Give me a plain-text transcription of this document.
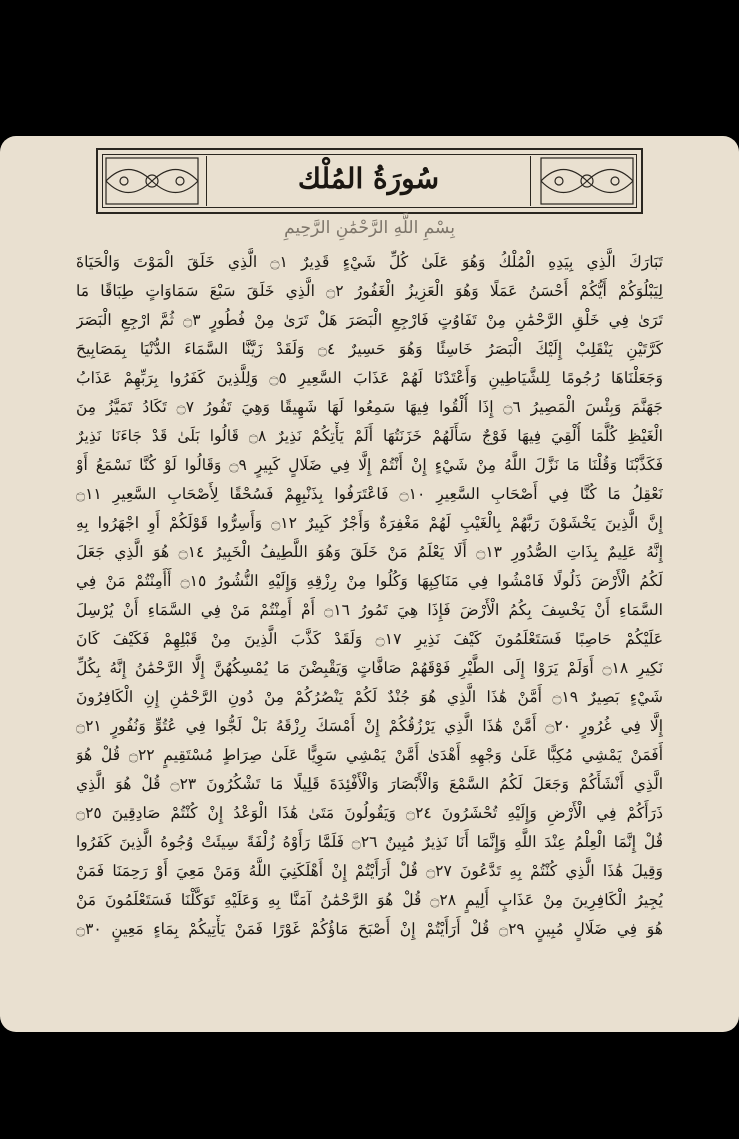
سُورَةُ المُلْك
بِسْمِ اللَّهِ الرَّحْمَٰنِ الرَّحِيمِ
تَبَارَكَ الَّذِي بِيَدِهِ الْمُلْكُ وَهُوَ عَلَىٰ كُلِّ شَيْءٍ قَدِيرٌ ۝١ الَّذِي خَلَقَ الْمَوْتَ وَالْحَيَاةَ
لِيَبْلُوَكُمْ أَيُّكُمْ أَحْسَنُ عَمَلًا وَهُوَ الْعَزِيزُ الْغَفُورُ ۝٢ الَّذِي خَلَقَ سَبْعَ سَمَاوَاتٍ طِبَاقًا مَا
تَرَىٰ فِي خَلْقِ الرَّحْمَٰنِ مِنْ تَفَاوُتٍ فَارْجِعِ الْبَصَرَ هَلْ تَرَىٰ مِنْ فُطُورٍ ۝٣ ثُمَّ ارْجِعِ الْبَصَرَ
كَرَّتَيْنِ يَنْقَلِبْ إِلَيْكَ الْبَصَرُ خَاسِئًا وَهُوَ حَسِيرٌ ۝٤ وَلَقَدْ زَيَّنَّا السَّمَاءَ الدُّنْيَا بِمَصَابِيحَ
وَجَعَلْنَاهَا رُجُومًا لِلشَّيَاطِينِ وَأَعْتَدْنَا لَهُمْ عَذَابَ السَّعِيرِ ۝٥ وَلِلَّذِينَ كَفَرُوا بِرَبِّهِمْ عَذَابُ
جَهَنَّمَ وَبِئْسَ الْمَصِيرُ ۝٦ إِذَا أُلْقُوا فِيهَا سَمِعُوا لَهَا شَهِيقًا وَهِيَ تَفُورُ ۝٧ تَكَادُ تَمَيَّزُ مِنَ
الْغَيْظِ كُلَّمَا أُلْقِيَ فِيهَا فَوْجٌ سَأَلَهُمْ خَزَنَتُهَا أَلَمْ يَأْتِكُمْ نَذِيرٌ ۝٨ قَالُوا بَلَىٰ قَدْ جَاءَنَا نَذِيرٌ
فَكَذَّبْنَا وَقُلْنَا مَا نَزَّلَ اللَّهُ مِنْ شَيْءٍ إِنْ أَنْتُمْ إِلَّا فِي ضَلَالٍ كَبِيرٍ ۝٩ وَقَالُوا لَوْ كُنَّا نَسْمَعُ أَوْ
نَعْقِلُ مَا كُنَّا فِي أَصْحَابِ السَّعِيرِ ۝١٠ فَاعْتَرَفُوا بِذَنْبِهِمْ فَسُحْقًا لِأَصْحَابِ السَّعِيرِ ۝١١
إِنَّ الَّذِينَ يَخْشَوْنَ رَبَّهُمْ بِالْغَيْبِ لَهُمْ مَغْفِرَةٌ وَأَجْرٌ كَبِيرٌ ۝١٢ وَأَسِرُّوا قَوْلَكُمْ أَوِ اجْهَرُوا بِهِ
إِنَّهُ عَلِيمٌ بِذَاتِ الصُّدُورِ ۝١٣ أَلَا يَعْلَمُ مَنْ خَلَقَ وَهُوَ اللَّطِيفُ الْخَبِيرُ ۝١٤ هُوَ الَّذِي جَعَلَ
لَكُمُ الْأَرْضَ ذَلُولًا فَامْشُوا فِي مَنَاكِبِهَا وَكُلُوا مِنْ رِزْقِهِ وَإِلَيْهِ النُّشُورُ ۝١٥ أَأَمِنْتُمْ مَنْ فِي
السَّمَاءِ أَنْ يَخْسِفَ بِكُمُ الْأَرْضَ فَإِذَا هِيَ تَمُورُ ۝١٦ أَمْ أَمِنْتُمْ مَنْ فِي السَّمَاءِ أَنْ يُرْسِلَ
عَلَيْكُمْ حَاصِبًا فَسَتَعْلَمُونَ كَيْفَ نَذِيرِ ۝١٧ وَلَقَدْ كَذَّبَ الَّذِينَ مِنْ قَبْلِهِمْ فَكَيْفَ كَانَ
نَكِيرِ ۝١٨ أَوَلَمْ يَرَوْا إِلَى الطَّيْرِ فَوْقَهُمْ صَافَّاتٍ وَيَقْبِضْنَ مَا يُمْسِكُهُنَّ إِلَّا الرَّحْمَٰنُ إِنَّهُ بِكُلِّ
شَيْءٍ بَصِيرٌ ۝١٩ أَمَّنْ هَٰذَا الَّذِي هُوَ جُنْدٌ لَكُمْ يَنْصُرُكُمْ مِنْ دُونِ الرَّحْمَٰنِ إِنِ الْكَافِرُونَ
إِلَّا فِي غُرُورٍ ۝٢٠ أَمَّنْ هَٰذَا الَّذِي يَرْزُقُكُمْ إِنْ أَمْسَكَ رِزْقَهُ بَلْ لَجُّوا فِي عُتُوٍّ وَنُفُورٍ ۝٢١
أَفَمَنْ يَمْشِي مُكِبًّا عَلَىٰ وَجْهِهِ أَهْدَىٰ أَمَّنْ يَمْشِي سَوِيًّا عَلَىٰ صِرَاطٍ مُسْتَقِيمٍ ۝٢٢ قُلْ هُوَ
الَّذِي أَنْشَأَكُمْ وَجَعَلَ لَكُمُ السَّمْعَ وَالْأَبْصَارَ وَالْأَفْئِدَةَ قَلِيلًا مَا تَشْكُرُونَ ۝٢٣ قُلْ هُوَ الَّذِي
ذَرَأَكُمْ فِي الْأَرْضِ وَإِلَيْهِ تُحْشَرُونَ ۝٢٤ وَيَقُولُونَ مَتَىٰ هَٰذَا الْوَعْدُ إِنْ كُنْتُمْ صَادِقِينَ ۝٢٥
قُلْ إِنَّمَا الْعِلْمُ عِنْدَ اللَّهِ وَإِنَّمَا أَنَا نَذِيرٌ مُبِينٌ ۝٢٦ فَلَمَّا رَأَوْهُ زُلْفَةً سِيئَتْ وُجُوهُ الَّذِينَ كَفَرُوا
وَقِيلَ هَٰذَا الَّذِي كُنْتُمْ بِهِ تَدَّعُونَ ۝٢٧ قُلْ أَرَأَيْتُمْ إِنْ أَهْلَكَنِيَ اللَّهُ وَمَنْ مَعِيَ أَوْ رَحِمَنَا فَمَنْ
يُجِيرُ الْكَافِرِينَ مِنْ عَذَابٍ أَلِيمٍ ۝٢٨ قُلْ هُوَ الرَّحْمَٰنُ آمَنَّا بِهِ وَعَلَيْهِ تَوَكَّلْنَا فَسَتَعْلَمُونَ مَنْ
هُوَ فِي ضَلَالٍ مُبِينٍ ۝٢٩ قُلْ أَرَأَيْتُمْ إِنْ أَصْبَحَ مَاؤُكُمْ غَوْرًا فَمَنْ يَأْتِيكُمْ بِمَاءٍ مَعِينٍ ۝٣٠
